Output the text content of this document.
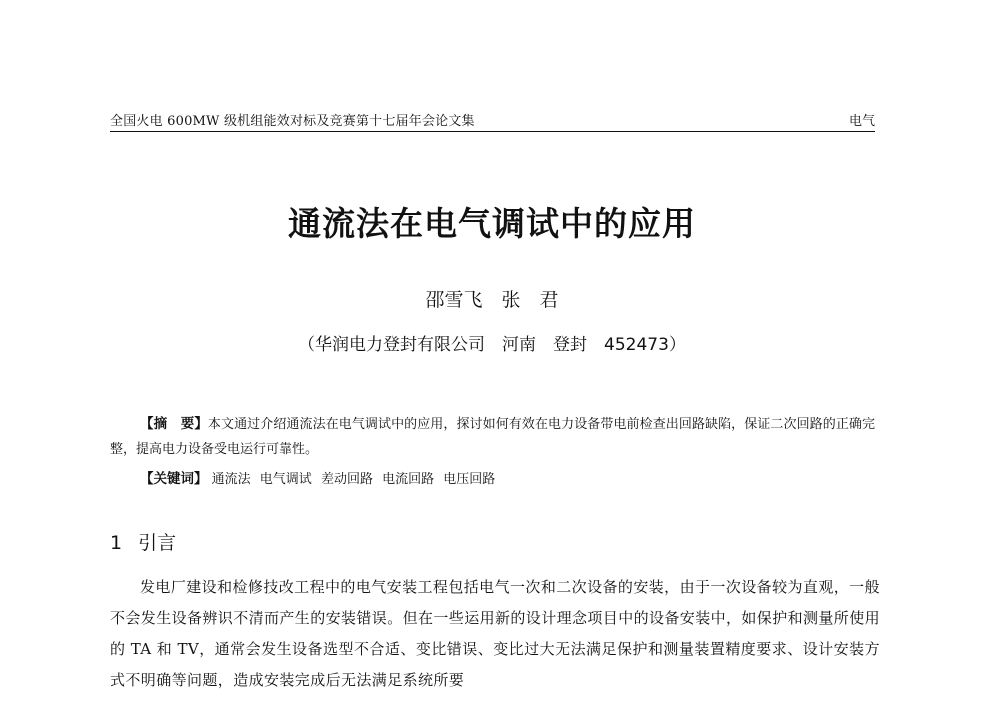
全国火电 600MW 级机组能效对标及竞赛第十七届年会论文集	电气
通流法在电气调试中的应用
邵雪飞　张　君
（华润电力登封有限公司　河南　登封　452473）
【摘　要】本文通过介绍通流法在电气调试中的应用，探讨如何有效在电力设备带电前检查出回路缺陷，保证二次回路的正确完整，提高电力设备受电运行可靠性。
【关键词】 通流法 电气调试 差动回路 电流回路 电压回路
1 引言
发电厂建设和检修技改工程中的电气安装工程包括电气一次和二次设备的安装，由于一次设备较为直观，一般不会发生设备辨识不清而产生的安装错误。但在一些运用新的设计理念项目中的设备安装中，如保护和测量所使用的 TA 和 TV，通常会发生设备选型不合适、变比错误、变比过大无法满足保护和测量装置精度要求、设计安装方式不明确等问题，造成安装完成后无法满足系统所要
